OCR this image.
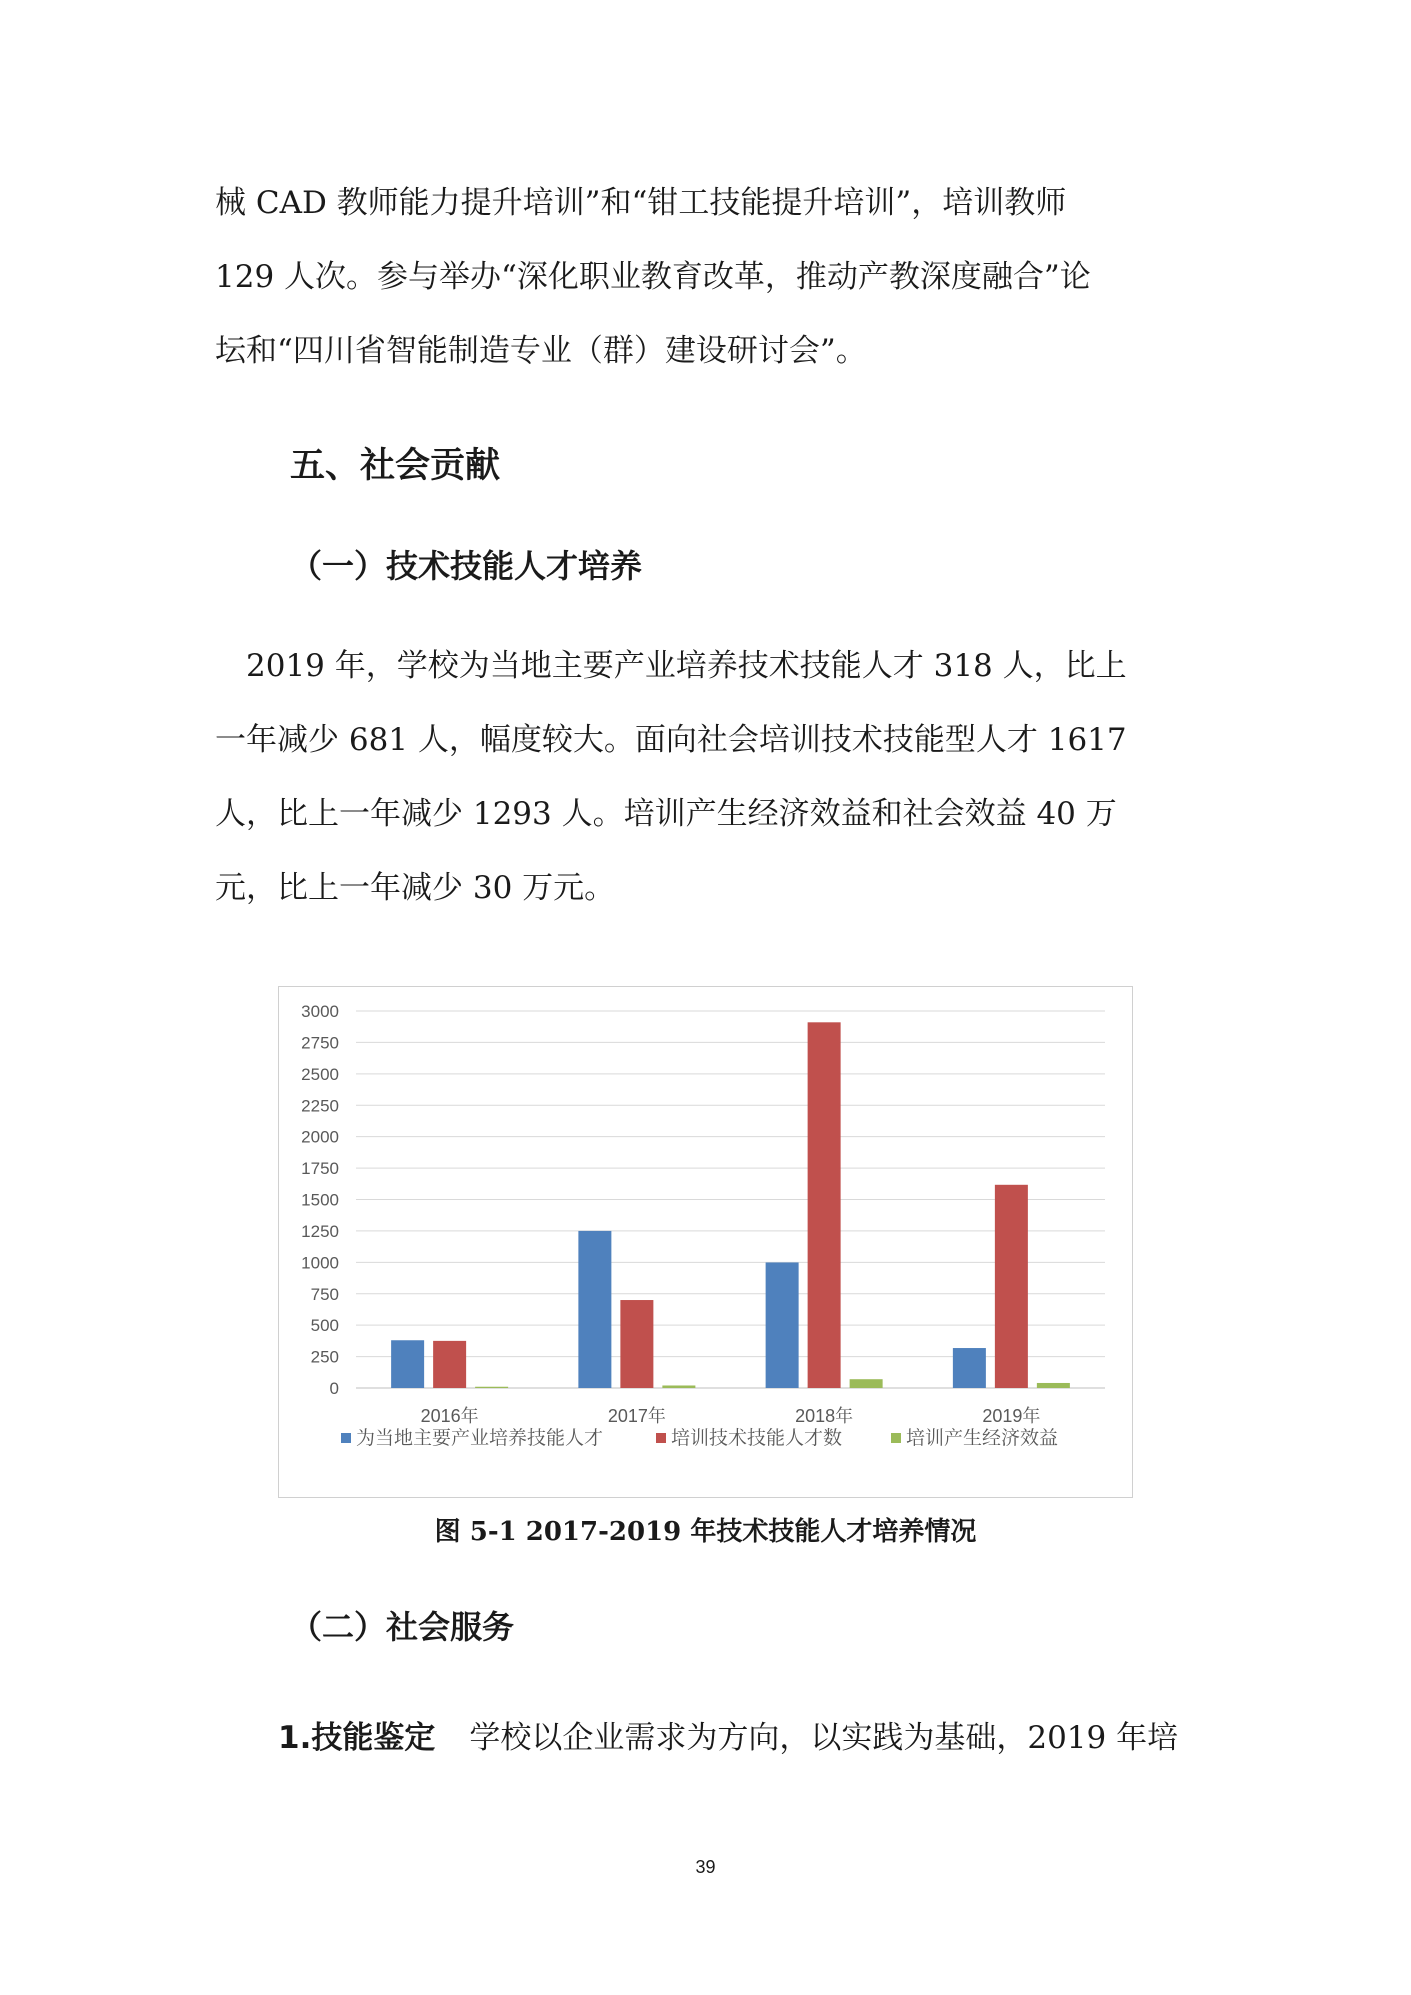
械 CAD 教师能力提升培训”和“钳工技能提升培训”，培训教师

129 人次。参与举办“深化职业教育改革，推动产教深度融合”论

坛和“四川省智能制造专业（群）建设研讨会”。

五、社会贡献
（一）技术技能人才培养

　2019 年，学校为当地主要产业培养技术技能人才 318 人，比上

一年减少 681 人，幅度较大。面向社会培训技术技能型人才 1617

人，比上一年减少 1293 人。培训产生经济效益和社会效益 40 万

元，比上一年减少 30 万元。

0
250
500
750
1000
1250
1500
1750
2000
2250
2500
2750
3000
2016年	2017年	2018年	2019年
为当地主要产业培养技能人才	培训技术技能人才数	培训产生经济效益

图 5-1 2017-2019 年技术技能人才培养情况

（二）社会服务

1.技能鉴定 学校以企业需求为方向，以实践为基础，2019 年培

39
